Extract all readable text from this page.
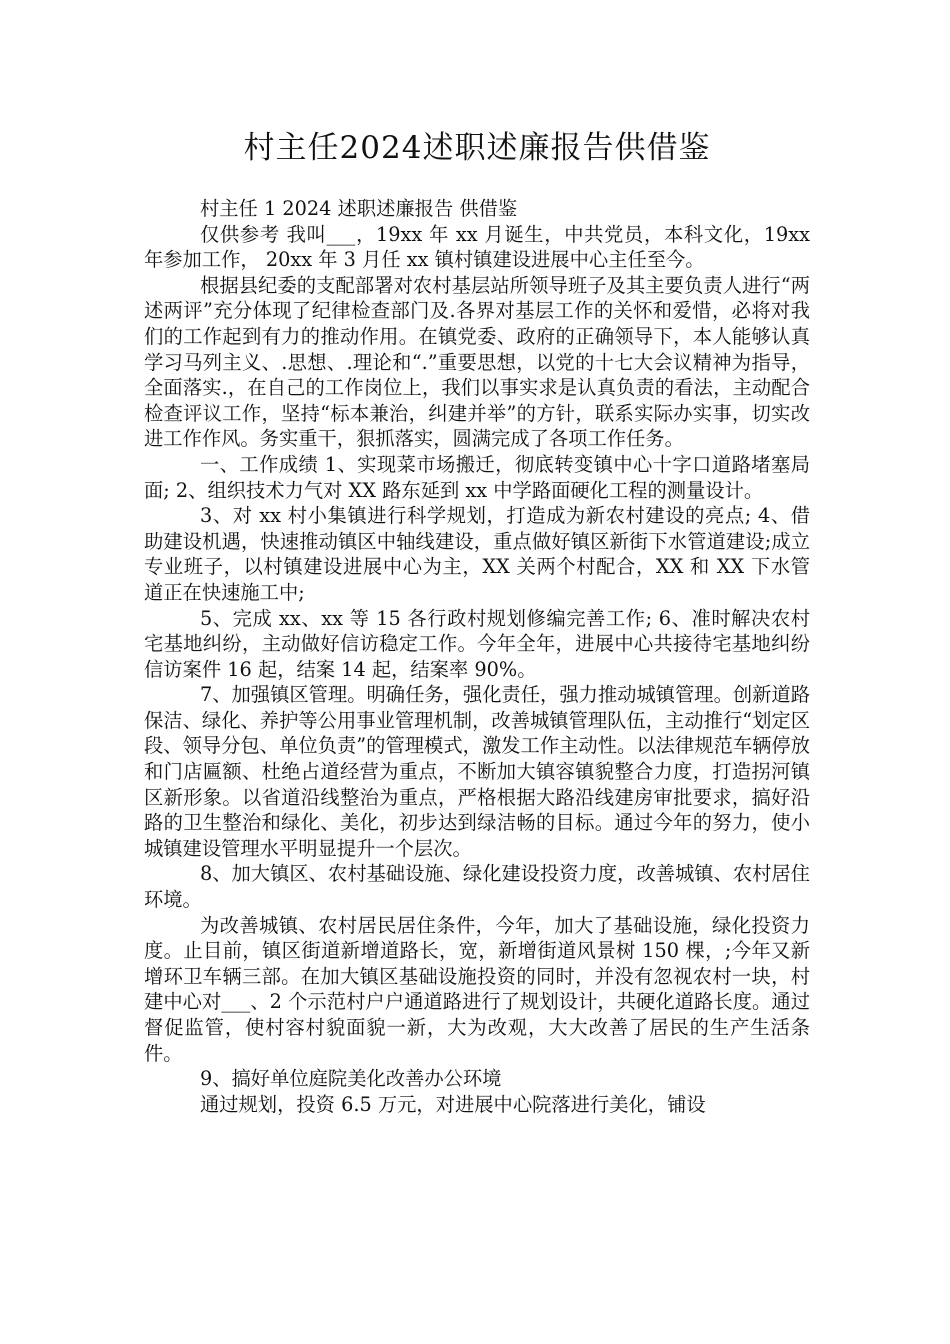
村主任2024述职述廉报告供借鉴

村主任 1 2024 述职述廉报告 供借鉴

仅供参考 我叫___，19xx 年 xx 月诞生，中共党员，本科文化，19xx 年参加工作， 20xx 年 3 月任 xx 镇村镇建设进展中心主任至今。

根据县纪委的支配部署对农村基层站所领导班子及其主要负责人进行“两述两评”充分体现了纪律检查部门及.各界对基层工作的关怀和爱惜，必将对我们的工作起到有力的推动作用。在镇党委、政府的正确领导下，本人能够认真学习马列主义、.思想、.理论和“.”重要思想，以党的十七大会议精神为指导，全面落实.，在自己的工作岗位上，我们以事实求是认真负责的看法，主动配合检查评议工作，坚持“标本兼治，纠建并举”的方针，联系实际办实事，切实改进工作作风。务实重干，狠抓落实，圆满完成了各项工作任务。

一、工作成绩 1、实现菜市场搬迁，彻底转变镇中心十字口道路堵塞局面; 2、组织技术力气对 XX 路东延到 xx 中学路面硬化工程的测量设计。

3、对 xx 村小集镇进行科学规划，打造成为新农村建设的亮点; 4、借助建设机遇，快速推动镇区中轴线建设，重点做好镇区新街下水管道建设;成立专业班子，以村镇建设进展中心为主，XX 关两个村配合，XX 和 XX 下水管道正在快速施工中;

5、完成 xx、xx 等 15 各行政村规划修编完善工作; 6、准时解决农村宅基地纠纷，主动做好信访稳定工作。今年全年，进展中心共接待宅基地纠纷信访案件 16 起，结案 14 起，结案率 90%。

7、加强镇区管理。明确任务，强化责任，强力推动城镇管理。创新道路保洁、绿化、养护等公用事业管理机制，改善城镇管理队伍，主动推行“划定区段、领导分包、单位负责”的管理模式，激发工作主动性。以法律规范车辆停放和门店匾额、杜绝占道经营为重点，不断加大镇容镇貌整合力度，打造拐河镇区新形象。以省道沿线整治为重点，严格根据大路沿线建房审批要求，搞好沿路的卫生整治和绿化、美化，初步达到绿洁畅的目标。通过今年的努力，使小城镇建设管理水平明显提升一个层次。

8、加大镇区、农村基础设施、绿化建设投资力度，改善城镇、农村居住环境。

为改善城镇、农村居民居住条件，今年，加大了基础设施，绿化投资力度。止目前，镇区街道新增道路长，宽，新增街道风景树 150 棵，;今年又新增环卫车辆三部。在加大镇区基础设施投资的同时，并没有忽视农村一块，村建中心对___、2 个示范村户户通道路进行了规划设计，共硬化道路长度。通过督促监管，使村容村貌面貌一新，大为改观，大大改善了居民的生产生活条件。

9、搞好单位庭院美化改善办公环境

通过规划，投资 6.5 万元，对进展中心院落进行美化，铺设
